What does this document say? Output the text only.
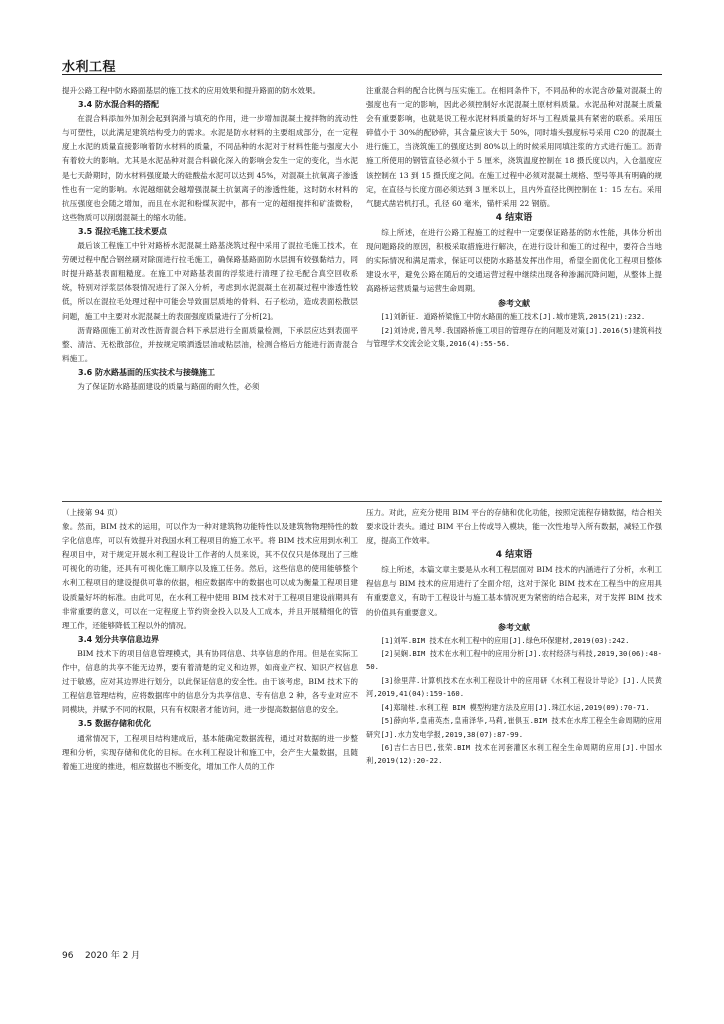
水利工程

提升公路工程中防水路面基层的施工技术的应用效果和提升路面的防水效果。

3.4 防水混合料的搭配

在混合料添加外加剂会起到润滑与填充的作用，进一步增加混凝土搅拌物的流动性与可塑性，以此满足建筑结构受力的需求。水泥是防水材料的主要组成部分，在一定程度上水泥的质量直接影响着防水材料的质量，不同品种的水泥对于材料性能与强度大小有着较大的影响。尤其是水泥品种对混合料碳化深入的影响会发生一定的变化，当水泥是七天龄期时，防水材料强度最大的硅酸盐水泥可以达到 45%，对混凝土抗氧离子渗透性也有一定的影响。水泥越细就会越增强混凝土抗氯离子的渗透性能，这时防水材料的抗压强度也会随之增加，而且在水泥和粉煤灰泥中，都有一定的超细搅拌和矿渣微粉，这些物质可以削弱混凝土的缩水功能。

3.5 混拉毛施工技术要点

最后该工程施工中针对路桥水泥混凝土路基浇筑过程中采用了混拉毛施工技术，在劳硬过程中配合钢丝刷对除面进行拉毛施工，确保路基路面防水层拥有较强黏结力，同时提升路基表面粗糙度。在施工中对路基表面的浮浆进行清理了拉毛配合真空回收系统，特别对浮浆层体裂情况进行了深入分析，考虑到水泥混凝土在初凝过程中渗透性较低，所以在混拉毛处理过程中可能会导致面层质地的骨料、石子松动，造成表面松散层问题，施工中主要对水泥混凝土的表面强度质量进行了分析[2]。

沥青路面施工前对改性沥青混合料下承层进行全面质量检测，下承层应达到表面平整、清洁、无松散部位，并按规定喷洒透层油或粘层油，检测合格后方能进行沥青混合料施工。

3.6 防水路基面的压实技术与接缝施工

为了保证防水路基面建设的质量与路面的耐久性，必须

注重混合料的配合比例与压实施工。在相同条件下，不同品种的水泥含砂量对混凝土的强度也有一定的影响，因此必须控制好水泥混凝土原材料质量。水泥品种对混凝土质量会有重要影响，也就是说工程水泥材料质量的好坏与工程质量具有紧密的联系。采用压碎值小于 30%的配砂碎，其含量应该大于 50%，同时墙头强度标号采用 C20 的混凝土进行施工，当浇筑施工的强度达到 80%以上的时候采用同填注浆的方式进行施工。沥青施工所使用的钢管直径必须小于 5 厘米，浇筑温度控制在 18 摄氏度以内，入仓温度应该控制在 13 到 15 摄氏度之间。在施工过程中必须对混凝土规格、型号等具有明确的规定，在直径与长度方面必须达到 3 厘米以上，且内外直径比例控制在 1：15 左右。采用气腿式凿岩机打孔，孔径 60 毫米，锚杆采用 22 钢筋。

4 结束语

综上所述，在进行公路工程施工的过程中一定要保证路基的防水性能，具体分析出现问题路段的原因，积极采取措施进行解决，在进行设计和施工的过程中，要符合当地的实际情况和满足需求，保证可以使防水路基发挥出作用，希望全面优化工程项目整体建设水平，避免公路在随后的交通运营过程中继续出现各种渗漏沉降问题，从整体上提高路桥运营质量与运营生命周期。

参考文献

[1]刘新征. 道路桥梁施工中防水路面的施工技术[J].城市建筑,2015(21):232.

[2]刘诗虎,曾凡琴.我国路桥施工项目的管理存在的问题及对策[J].2016(5)建筑科技与管理学术交流会论文集,2016(4):55-56.

（上接第 94 页）

象。然而，BIM 技术的运用，可以作为一种对建筑物功能特性以及建筑物物理特性的数字化信息库，可以有效提升对我国水利工程项目的施工水平。将 BIM 技术应用到水利工程项目中，对于规定开展水利工程设计工作者的人员来说，其不仅仅只是体现出了三维可视化的功能，还具有可视化施工顺序以及施工任务。然后，这些信息的使用能够整个水利工程项目的建设提供可靠的依据，相应数据库中的数据也可以成为衡量工程项目建设质量好坏的标准。由此可见，在水利工程中使用 BIM 技术对于工程项目建设前期具有非常重要的意义，可以在一定程度上节约资金投入以及人工成本，并且开展精细化的管理工作，还能够降低工程以外的情况。

3.4 划分共享信息边界

BIM 技术下的项目信息管理模式，具有协同信息、共享信息的作用。但是在实际工作中，信息的共享不能无边界，要有着清楚的定义和边界，如商业产权、知识产权信息过于敏感，应对其边界进行划分，以此保证信息的安全性。由于该考虑，BIM 技术下的工程信息管理结构，应将数据库中的信息分为共享信息、专有信息 2 种，各专业对应不同模块，并赋予不同的权限，只有有权限者才能访问，进一步提高数据信息的安全。

3.5 数据存储和优化

通常情况下，工程项目结构建成后，基本能确定数据流程，通过对数据的进一步整理和分析，实现存储和优化的目标。在水利工程设计和施工中，会产生大量数据，且随着施工进度的推进，相应数据也不断变化，增加工作人员的工作

压力。对此，应充分使用 BIM 平台的存储和优化功能，按照定流程存储数据，结合相关要求设计表头。通过 BIM 平台上传或导入模块，能一次性地导入所有数据，减轻工作强度，提高工作效率。

4 结束语

综上所述，本篇文章主要是从水利工程层面对 BIM 技术的内涵进行了分析，水利工程信息与 BIM 技术的应用进行了全面介绍，这对于深化 BIM 技术在工程当中的应用具有重要意义，有助于工程设计与施工基本情况更为紧密的结合起来，对于发挥 BIM 技术的价值具有重要意义。

参考文献

[1]刘军.BIM 技术在水利工程中的应用[J].绿色环保建材,2019(03):242.

[2]吴娴.BIM 技术在水利工程中的应用分析[J].农村经济与科技,2019,30(06):48-50.

[3]徐里萍.计算机技术在水利工程设计中的应用研《水利工程设计导论》[J].人民黄河,2019,41(04):159-160.

[4]郑瑞桂.水利工程 BIM 模型构建方法及应用[J].珠江水运,2019(09):70-71.

[5]薛向华,皇甫英杰,皇甫泽华,马莉,崔俱玉.BIM 技术在水库工程全生命周期的应用研究[J].水力发电学报,2019,38(07):87-99.

[6]吉仁古日巴,张荣.BIM 技术在河套灌区水利工程全生命周期的应用[J].中国水利,2019(12):20-22.

96 2020 年 2 月
